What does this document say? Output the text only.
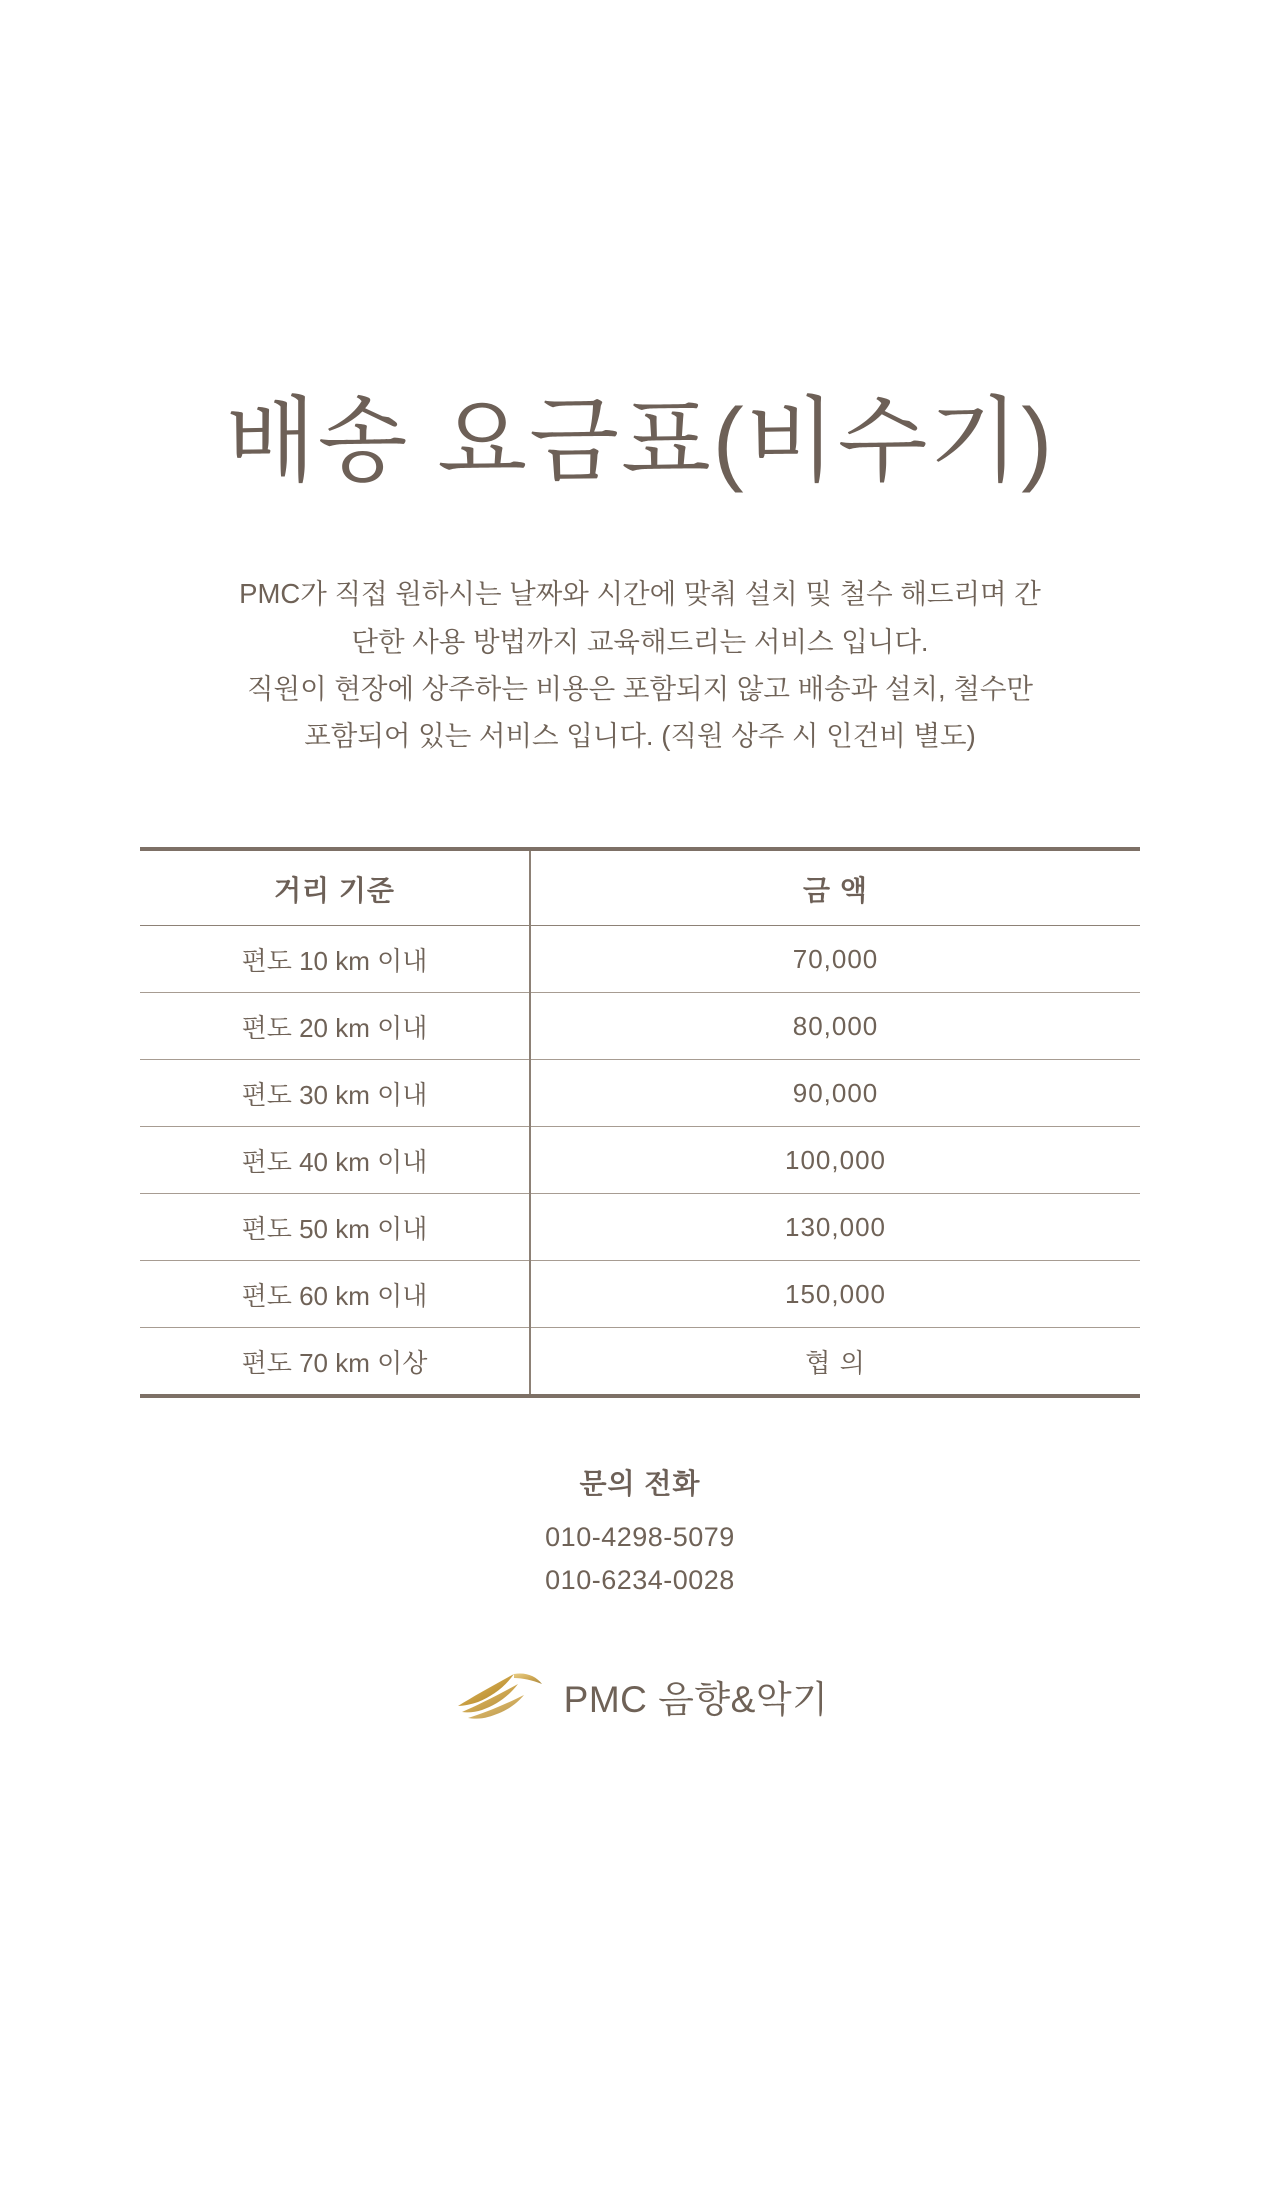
배송 요금표(비수기)
PMC가 직접 원하시는 날짜와 시간에 맞춰 설치 및 철수 해드리며 간
단한 사용 방법까지 교육해드리는 서비스 입니다.
직원이 현장에 상주하는 비용은 포함되지 않고 배송과 설치, 철수만
포함되어 있는 서비스 입니다. (직원 상주 시 인건비 별도)
거리 기준	금 액
편도 10 km 이내	70,000
편도 20 km 이내	80,000
편도 30 km 이내	90,000
편도 40 km 이내	100,000
편도 50 km 이내	130,000
편도 60 km 이내	150,000
편도 70 km 이상	협 의
문의 전화
010-4298-5079
010-6234-0028
PMC 음향&악기
